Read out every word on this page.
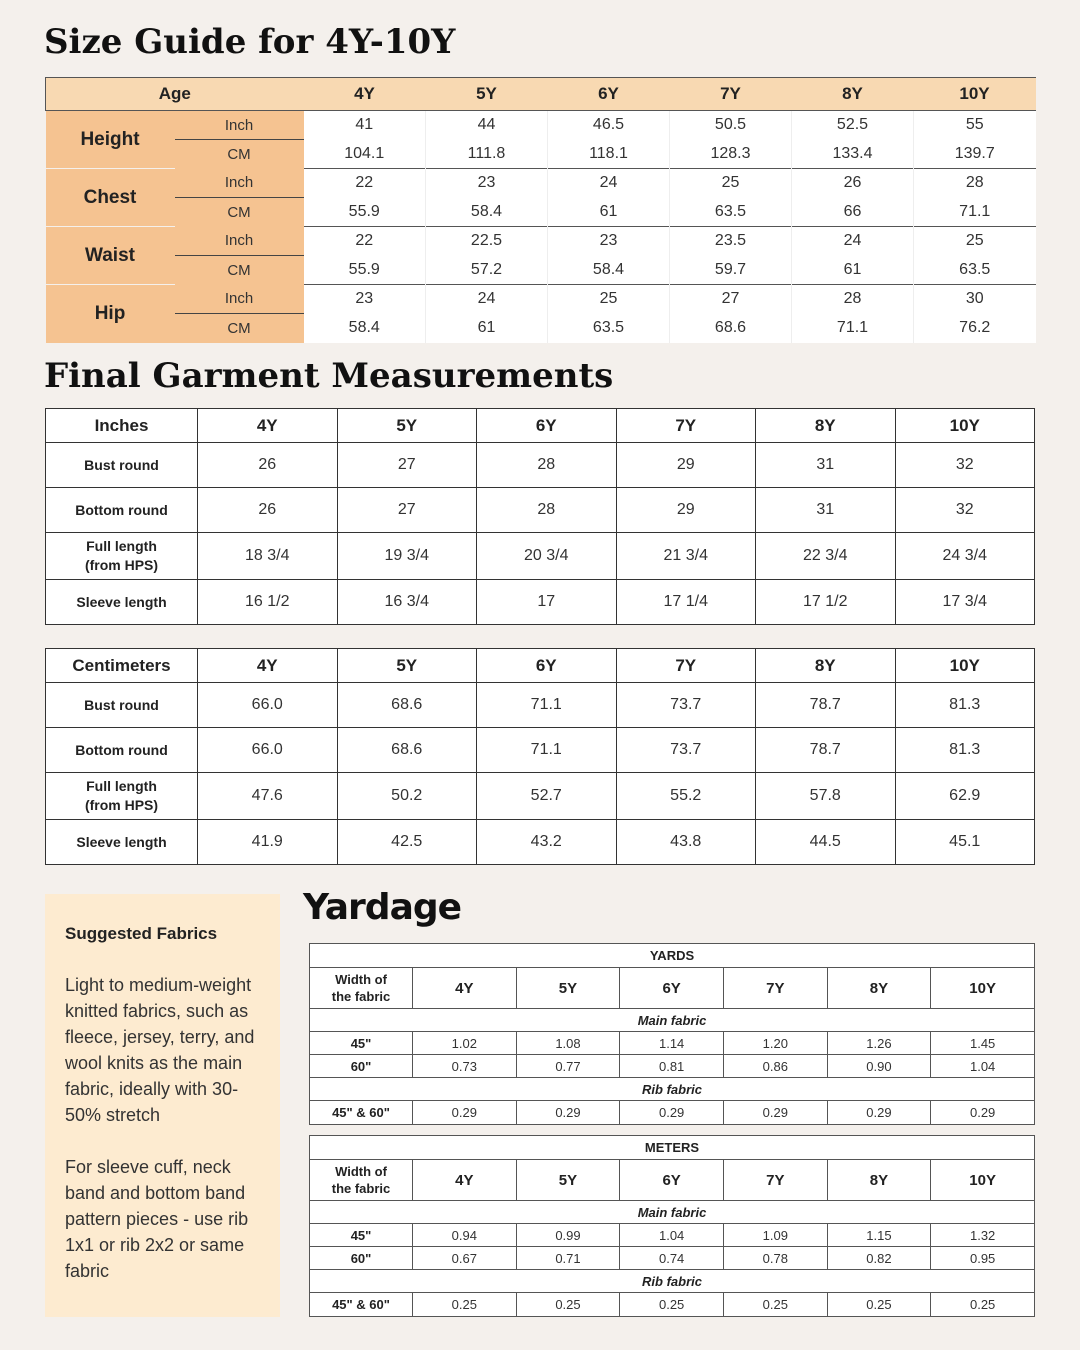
Size Guide for 4Y-10Y
Age		4Y	5Y	6Y	7Y	8Y	10Y
Height	Inch	41	44	46.5	50.5	52.5	55
	CM	104.1	111.8	118.1	128.3	133.4	139.7
Chest	Inch	22	23	24	25	26	28
	CM	55.9	58.4	61	63.5	66	71.1
Waist	Inch	22	22.5	23	23.5	24	25
	CM	55.9	57.2	58.4	59.7	61	63.5
Hip	Inch	23	24	25	27	28	30
	CM	58.4	61	63.5	68.6	71.1	76.2
Final Garment Measurements
Inches	4Y	5Y	6Y	7Y	8Y	10Y
Bust round	26	27	28	29	31	32
Bottom round	26	27	28	29	31	32
Full length
(from HPS)	18 3/4	19 3/4	20 3/4	21 3/4	22 3/4	24 3/4
Sleeve length	16 1/2	16 3/4	17	17 1/4	17 1/2	17 3/4
Centimeters	4Y	5Y	6Y	7Y	8Y	10Y
Bust round	66.0	68.6	71.1	73.7	78.7	81.3
Bottom round	66.0	68.6	71.1	73.7	78.7	81.3
Full length
(from HPS)	47.6	50.2	52.7	55.2	57.8	62.9
Sleeve length	41.9	42.5	43.2	43.8	44.5	45.1
Suggested Fabrics

Light to medium-weight knitted fabrics, such as fleece, jersey, terry, and wool knits as the main fabric, ideally with 30-50% stretch

For sleeve cuff, neck band and bottom band pattern pieces - use rib 1x1 or rib 2x2 or same fabric

Yardage
YARDS						
Width of
the fabric	4Y	5Y	6Y	7Y	8Y	10Y
Main fabric						
45"	1.02	1.08	1.14	1.20	1.26	1.45
60"	0.73	0.77	0.81	0.86	0.90	1.04
Rib fabric						
45" & 60"	0.29	0.29	0.29	0.29	0.29	0.29
METERS						
Width of
the fabric	4Y	5Y	6Y	7Y	8Y	10Y
Main fabric						
45"	0.94	0.99	1.04	1.09	1.15	1.32
60"	0.67	0.71	0.74	0.78	0.82	0.95
Rib fabric						
45" & 60"	0.25	0.25	0.25	0.25	0.25	0.25
